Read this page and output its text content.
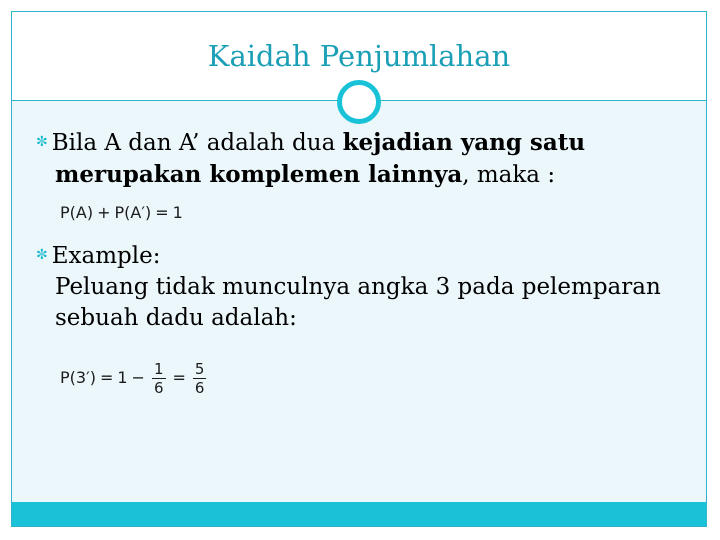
Kaidah Penjumlahan
✼ Bila A dan A’ adalah dua kejadian yang satu
merupakan komplemen lainnya, maka :
P(A) + P(A′) = 1
✼ Example:
Peluang tidak munculnya angka 3 pada pelemparan
sebuah dadu adalah:
$P(3') = 1 - \frac{1}{6} = \frac{5}{6}$
